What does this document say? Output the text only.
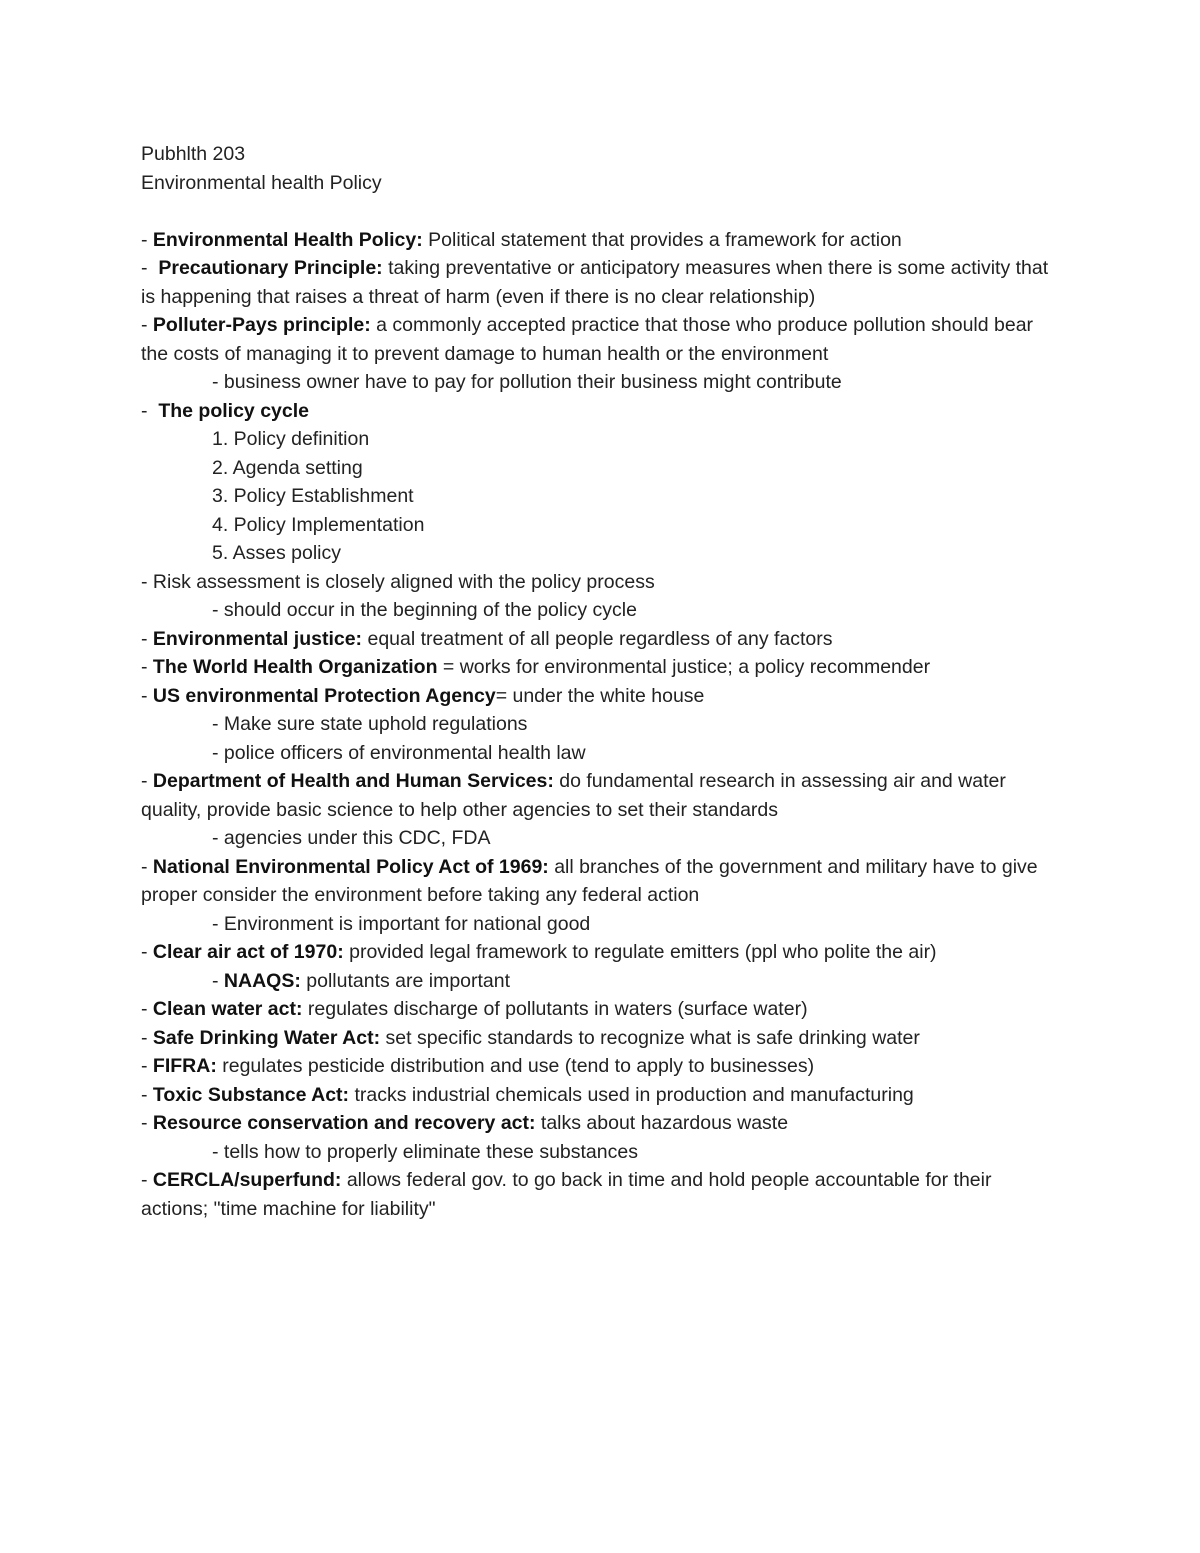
Pubhlth 203
Environmental health Policy
- Environmental Health Policy: Political statement that provides a framework for action
-  Precautionary Principle: taking preventative or anticipatory measures when there is some activity that is happening that raises a threat of harm (even if there is no clear relationship)
- Polluter-Pays principle: a commonly accepted practice that those who produce pollution should bear the costs of managing it to prevent damage to human health or the environment
- business owner have to pay for pollution their business might contribute
-  The policy cycle
1. Policy definition
2. Agenda setting
3. Policy Establishment
4. Policy Implementation
5. Asses policy
- Risk assessment is closely aligned with the policy process
- should occur in the beginning of the policy cycle
- Environmental justice: equal treatment of all people regardless of any factors
- The World Health Organization = works for environmental justice; a policy recommender
- US environmental Protection Agency= under the white house
- Make sure state uphold regulations
- police officers of environmental health law
- Department of Health and Human Services: do fundamental research in assessing air and water quality, provide basic science to help other agencies to set their standards
- agencies under this CDC, FDA
- National Environmental Policy Act of 1969: all branches of the government and military have to give proper consider the environment before taking any federal action
- Environment is important for national good
- Clear air act of 1970: provided legal framework to regulate emitters (ppl who polite the air)
- NAAQS: pollutants are important
- Clean water act: regulates discharge of pollutants in waters (surface water)
- Safe Drinking Water Act: set specific standards to recognize what is safe drinking water
- FIFRA: regulates pesticide distribution and use (tend to apply to businesses)
- Toxic Substance Act: tracks industrial chemicals used in production and manufacturing
- Resource conservation and recovery act: talks about hazardous waste
- tells how to properly eliminate these substances
- CERCLA/superfund: allows federal gov. to go back in time and hold people accountable for their actions; "time machine for liability"
